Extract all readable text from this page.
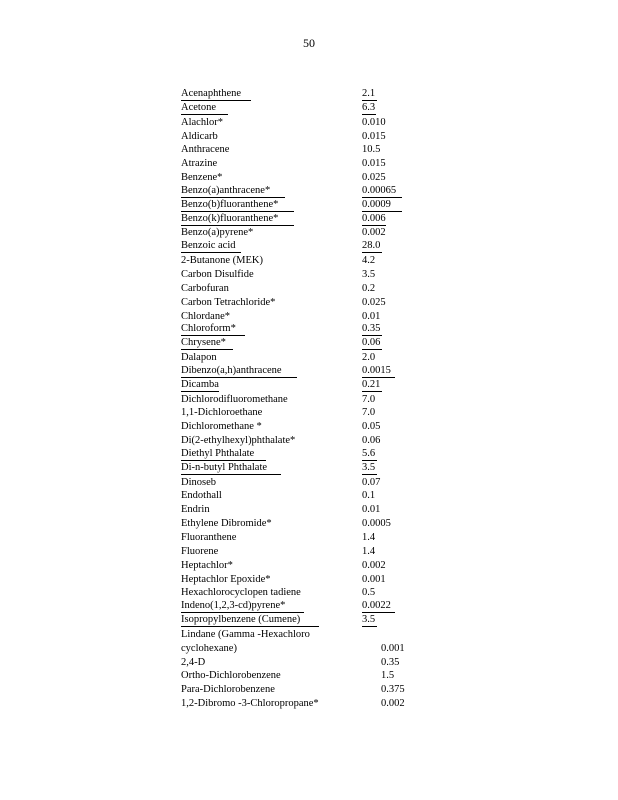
50
Acenaphthene	2.1
Acetone	6.3
Alachlor*	0.010
Aldicarb	0.015
Anthracene	10.5
Atrazine	0.015
Benzene*	0.025
Benzo(a)anthracene*	0.00065
Benzo(b)fluoranthene*	0.0009
Benzo(k)fluoranthene*	0.006
Benzo(a)pyrene*	0.002
Benzoic acid	28.0
2-Butanone (MEK)	4.2
Carbon Disulfide	3.5
Carbofuran	0.2
Carbon Tetrachloride*	0.025
Chlordane*	0.01
Chloroform*	0.35
Chrysene*	0.06
Dalapon	2.0
Dibenzo(a,h)anthracene	0.0015
Dicamba	0.21
Dichlorodifluoromethane	7.0
1,1-Dichloroethane	7.0
Dichloromethane *	0.05
Di(2-ethylhexyl)phthalate*	0.06
Diethyl Phthalate	5.6
Di-n-butyl Phthalate	3.5
Dinoseb	0.07
Endothall	0.1
Endrin	0.01
Ethylene Dibromide*	0.0005
Fluoranthene	1.4
Fluorene	1.4
Heptachlor*	0.002
Heptachlor Epoxide*	0.001
Hexachlorocyclopen tadiene	0.5
Indeno(1,2,3-cd)pyrene*	0.0022
Isopropylbenzene (Cumene)	3.5
Lindane (Gamma -Hexachloro
cyclohexane)	0.001
2,4-D	0.35
Ortho-Dichlorobenzene	1.5
Para-Dichlorobenzene	0.375
1,2-Dibromo -3-Chloropropane*	0.002
